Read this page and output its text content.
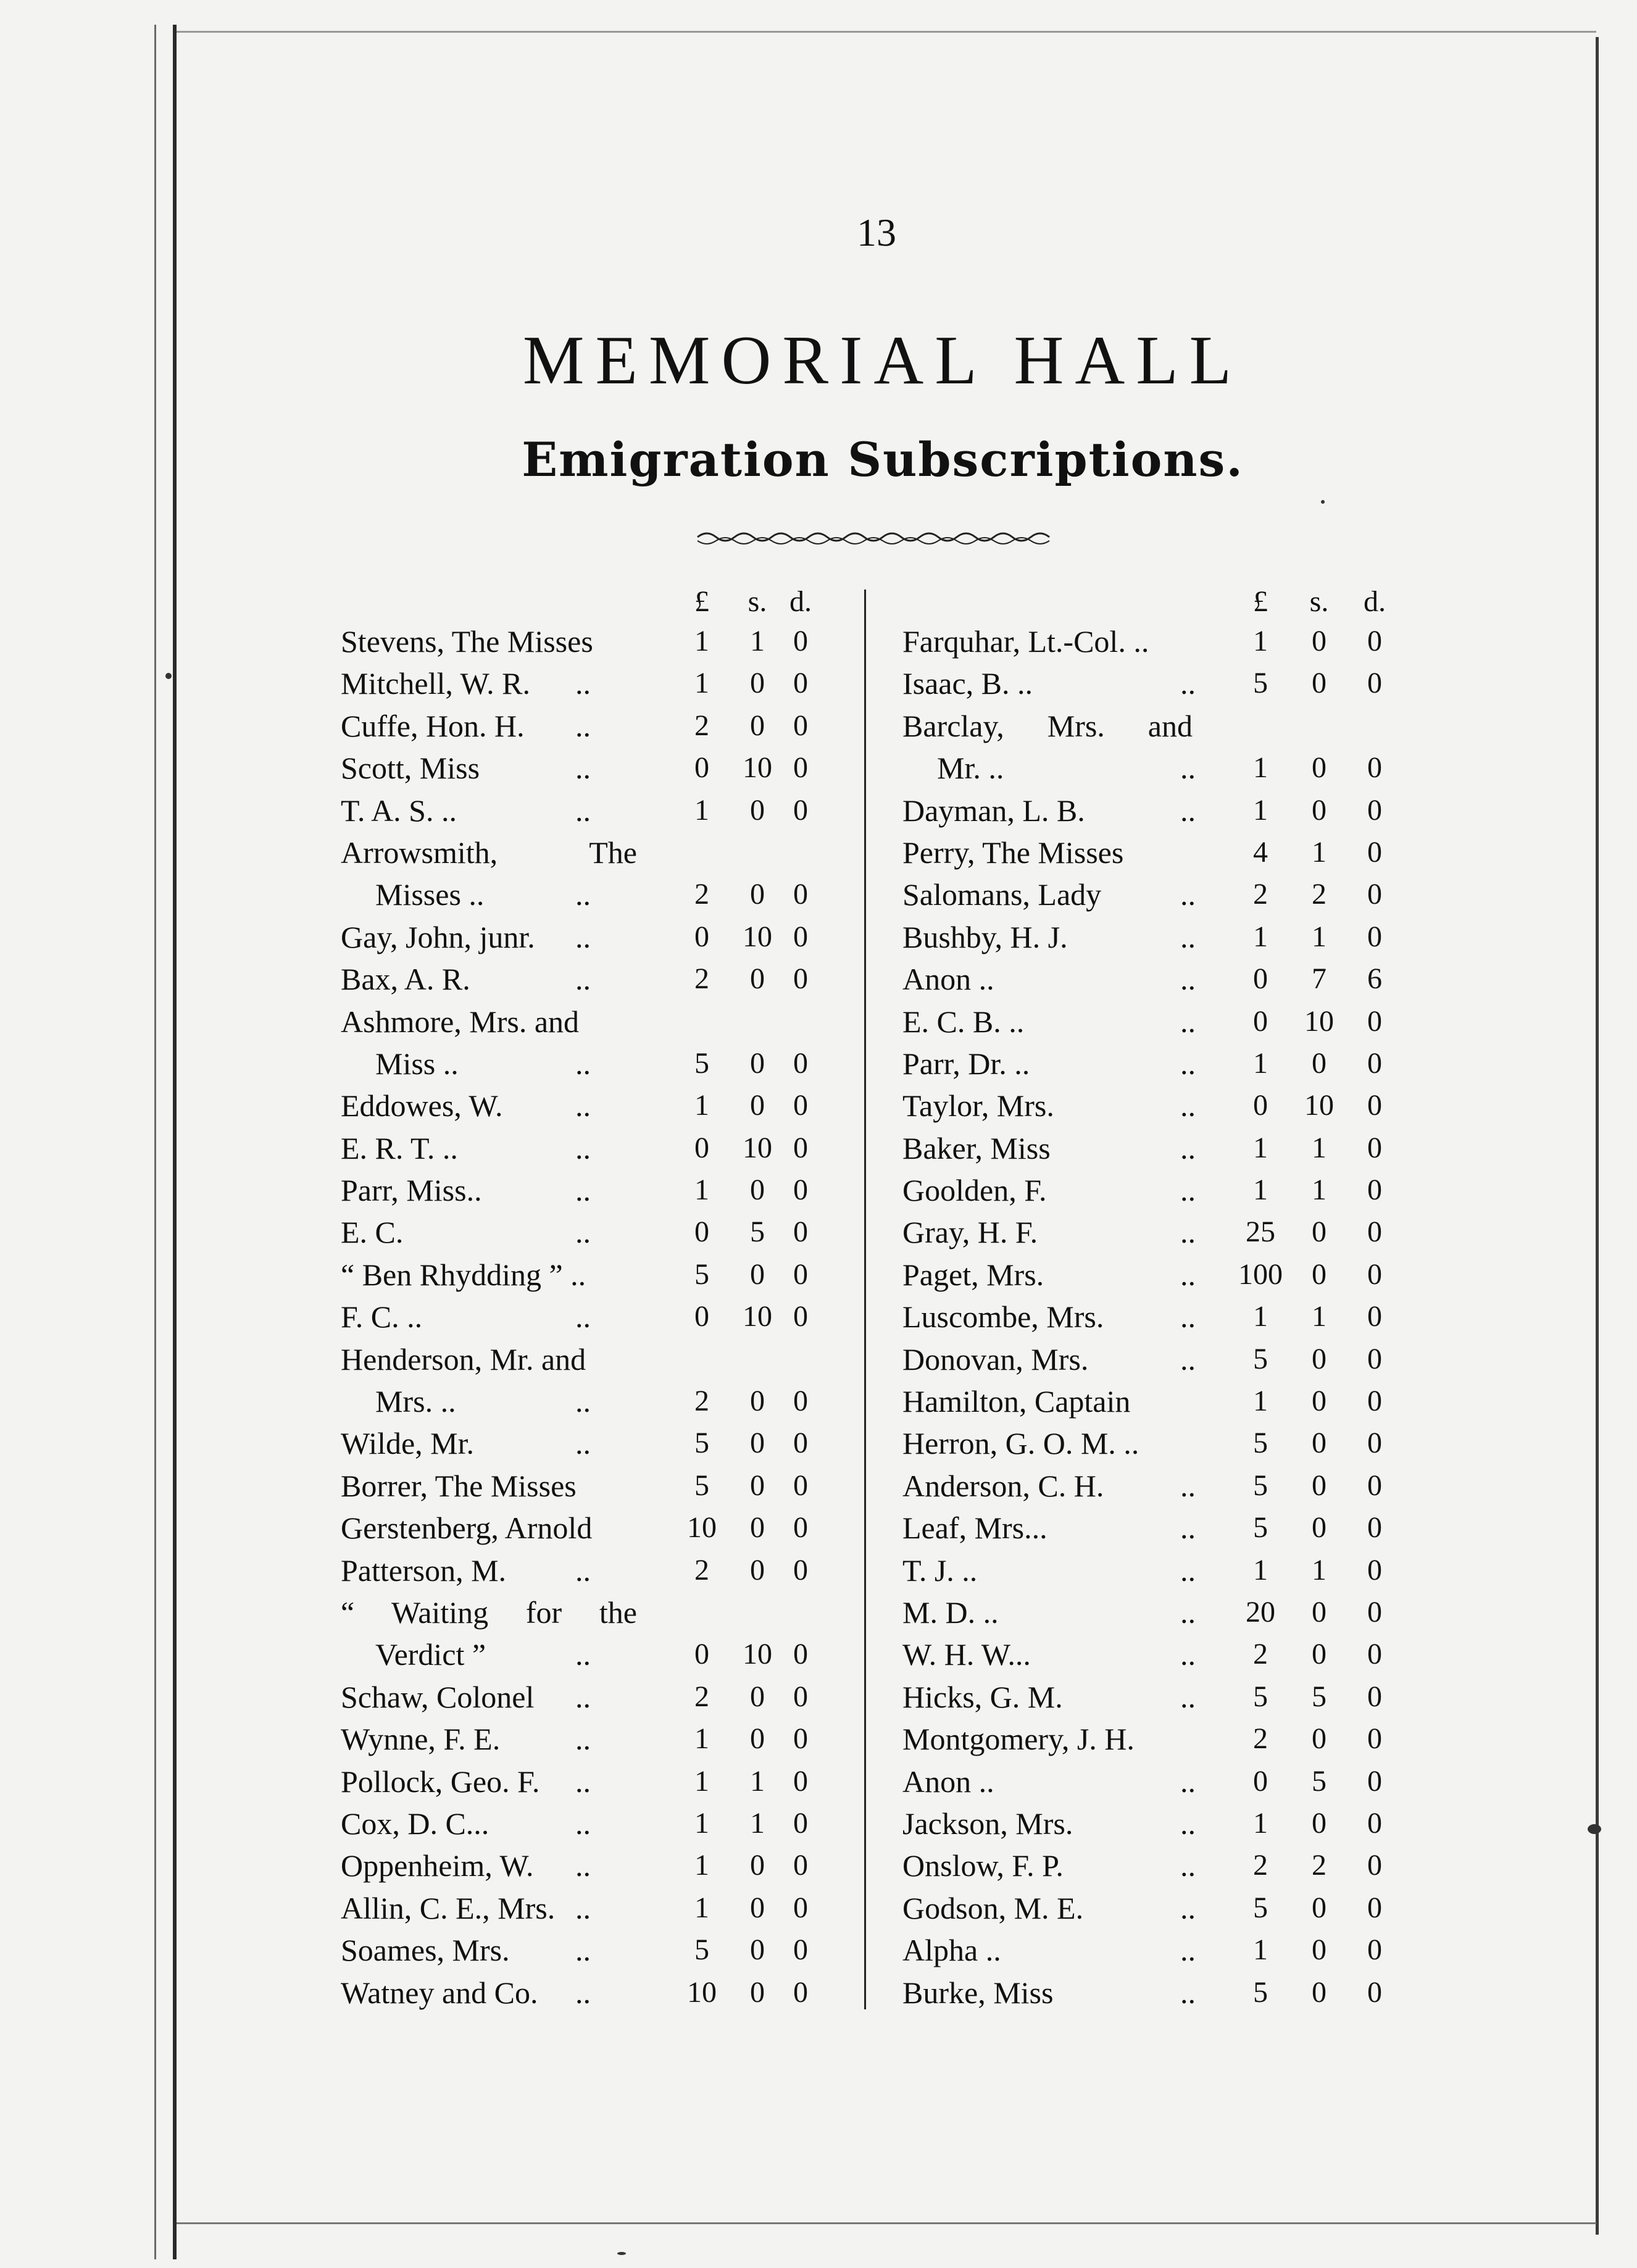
13
MEMORIAL HALL
Emigration Subscriptions.
£	s. d.
Stevens, The Misses	1	1 0
Mitchell, W. R. ..	1	0 0
Cuffe, Hon. H. ..	2	0 0
Scott, Miss	..	0	10 0
T. A. S. ..	..	1	0 0
Arrowsmith, The
Misses ..	..	2	0 0
Gay, John, junr. ..	0	10 0
Bax, A. R.	..	2	0 0
Ashmore, Mrs. and
Miss ..	..	5	0 0
Eddowes, W. ..	1	0 0
E. R. T. ..	..	0	10 0
Parr, Miss..	..	1	0 0
E. C.	..	0	5 0
“ Ben Rhydding ” ..	5	0 0
F. C. ..	..	0	10 0
Henderson, Mr. and
Mrs. ..	..	2	0 0
Wilde, Mr.	..	5	0 0
Borrer, The Misses	5	0 0
Gerstenberg, Arnold	10	0 0
Patterson, M. ..	2	0 0
“ Waiting for the
Verdict ”	..	0	10 0
Schaw, Colonel ..	2	0 0
Wynne, F. E. ..	1	0 0
Pollock, Geo. F. ..	1	1 0
Cox, D. C...	..	1	1 0
Oppenheim, W. ..	1	0 0
Allin, C. E., Mrs. ..	1	0 0
Soames, Mrs. ..	5	0 0
Watney and Co. ..	10	0 0
£	s.	d.
Farquhar, Lt.-Col. ..	1	0	0
Isaac, B. ..	..	5	0	0
Barclay, Mrs. and
Mr. ..	..	1	0	0
Dayman, L. B.	..	1	0	0
Perry, The Misses	4	1	0
Salomans, Lady	..	2	2	0
Bushby, H. J.	..	1	1	0
Anon ..	..	0	7	6
E. C. B. ..	..	0	10	0
Parr, Dr. ..	..	1	0	0
Taylor, Mrs.	..	0	10	0
Baker, Miss	..	1	1	0
Goolden, F.	..	1	1	0
Gray, H. F.	..	25	0	0
Paget, Mrs.	.. 100 0	0
Luscombe, Mrs. ..	1	1	0
Donovan, Mrs.	..	5	0	0
Hamilton, Captain	1	0	0
Herron, G. O. M. ..	5	0	0
Anderson, C. H. ..	5	0	0
Leaf, Mrs...	..	5	0	0
T. J. ..	..	1	1	0
M. D. ..	..	20	0	0
W. H. W...	..	2	0	0
Hicks, G. M.	..	5	5	0
Montgomery, J. H.	2	0	0
Anon ..	..	0	5	0
Jackson, Mrs.	..	1	0	0
Onslow, F. P.	..	2	2	0
Godson, M. E.	..	5	0	0
Alpha ..	..	1	0	0
Burke, Miss	..	5	0	0
